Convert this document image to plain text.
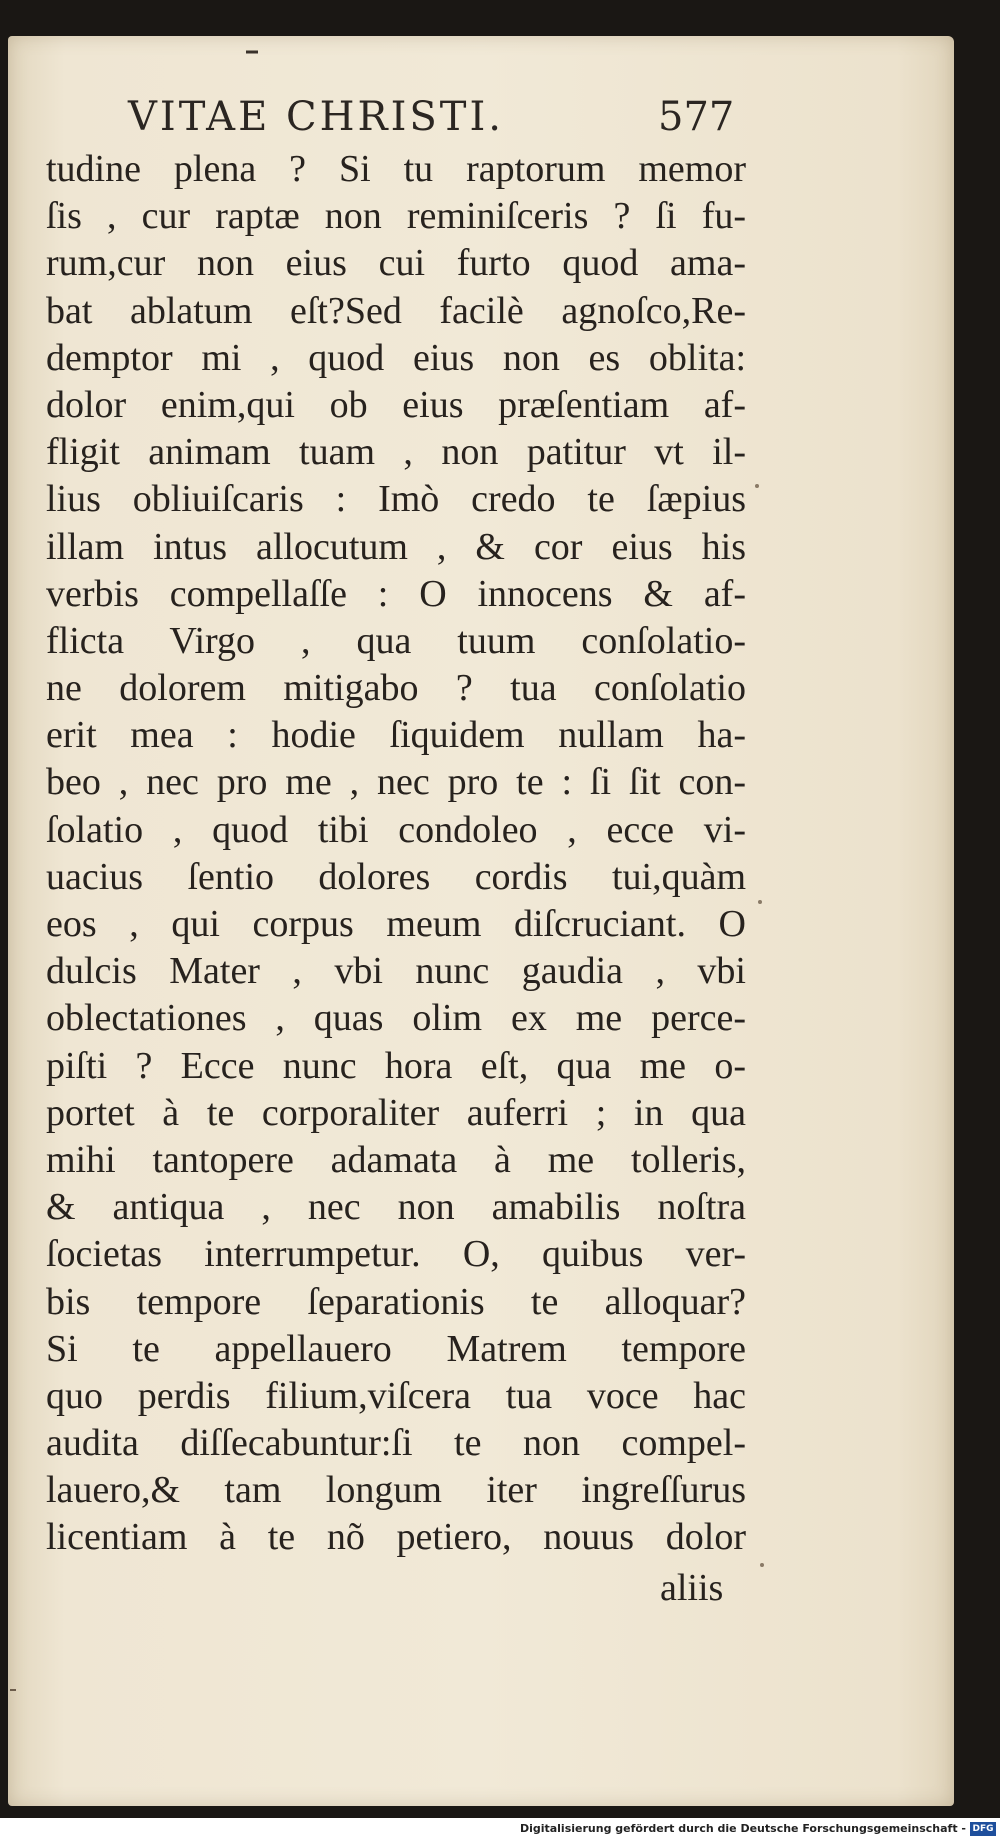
VITAE CHRISTI.	577
tudine plena ? Si tu raptorum memor
ſis , cur raptæ non reminiſceris ? ſi fu-
rum,cur non eius cui furto quod ama-
bat ablatum eſt?Sed facilè agnoſco,Re-
demptor mi , quod eius non es oblita:
dolor enim,qui ob eius præſentiam af-
fligit animam tuam , non patitur vt il-
lius obliuiſcaris : Imò credo te ſæpius
illam intus allocutum , & cor eius his
verbis compellaſſe : O innocens & af-
flicta Virgo , qua tuum conſolatio-
ne dolorem mitigabo ? tua conſolatio
erit mea : hodie ſiquidem nullam ha-
beo , nec pro me , nec pro te : ſi ſit con-
ſolatio , quod tibi condoleo , ecce vi-
uacius ſentio dolores cordis tui,quàm
eos , qui corpus meum diſcruciant. O
dulcis Mater , vbi nunc gaudia , vbi
oblectationes , quas olim ex me perce-
piſti ? Ecce nunc hora eſt, qua me o-
portet à te corporaliter auferri ; in qua
mihi tantopere adamata à me tolleris,
& antiqua , nec non amabilis noſtra
ſocietas interrumpetur. O, quibus ver-
bis tempore ſeparationis te alloquar?
Si te appellauero Matrem tempore
quo perdis filium,viſcera tua voce hac
audita diſſecabuntur:ſi te non compel-
lauero,& tam longum iter ingreſſurus
licentiam à te nõ petiero, nouus dolor
aliis
Digitalisierung gefördert durch die Deutsche Forschungsgemeinschaft - DFG
